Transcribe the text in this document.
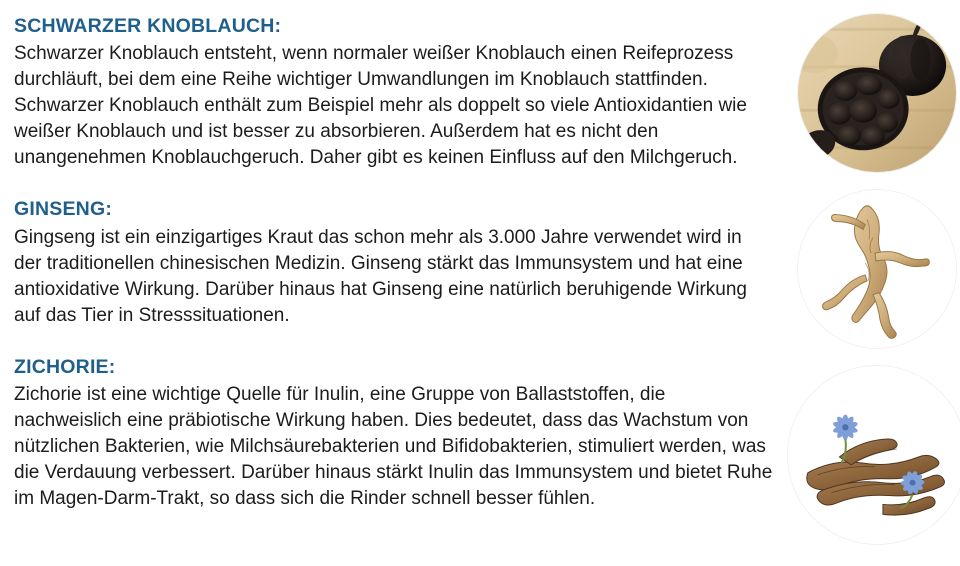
SCHWARZER KNOBLAUCH:

Schwarzer Knoblauch entsteht, wenn normaler weißer Knoblauch einen Reifeprozess durchläuft, bei dem eine Reihe wichtiger Umwandlungen im Knoblauch stattfinden. Schwarzer Knoblauch enthält zum Beispiel mehr als doppelt so viele Antioxidantien wie weißer Knoblauch und ist besser zu absorbieren. Außerdem hat es nicht den unangenehmen Knoblauchgeruch. Daher gibt es keinen Einfluss auf den Milchgeruch.

GINSENG:

Gingseng ist ein einzigartiges Kraut das schon mehr als 3.000 Jahre verwendet wird in der traditionellen chinesischen Medizin. Ginseng stärkt das Immunsystem und hat eine antioxidative Wirkung. Darüber hinaus hat Ginseng eine natürlich beruhigende Wirkung auf das Tier in Stresssituationen.

ZICHORIE:

Zichorie ist eine wichtige Quelle für Inulin, eine Gruppe von Ballaststoffen, die nachweislich eine präbiotische Wirkung haben. Dies bedeutet, dass das Wachstum von nützlichen Bakterien, wie Milchsäurebakterien und Bifidobakterien, stimuliert werden, was die Verdauung verbessert. Darüber hinaus stärkt Inulin das Immunsystem und bietet Ruhe im Magen-Darm-Trakt, so dass sich die Rinder schnell besser fühlen.
